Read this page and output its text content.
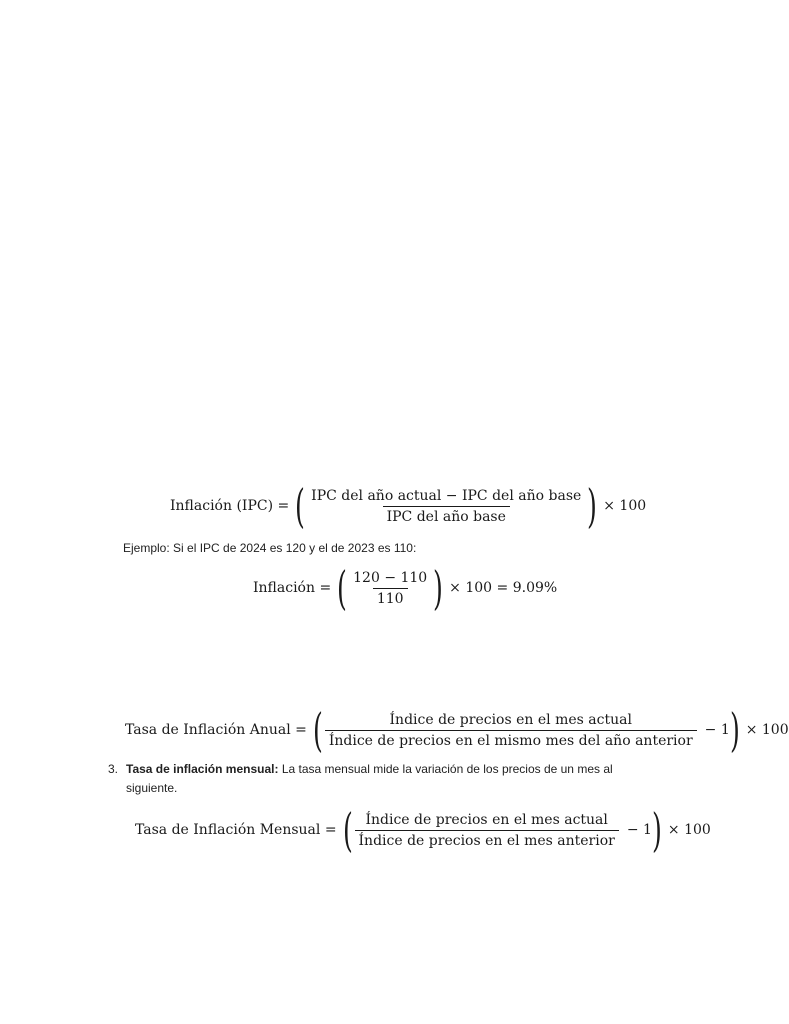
Inflación (IPC) = ( $\frac{\text{IPC del año actual − IPC del año base}}{\text{IPC del año base}}$ ) × 100
Ejemplo: Si el IPC de 2024 es 120 y el de 2023 es 110:
Inflación = ( $\frac{120 - 110}{110}$ ) × 100 = 9.09%
Tasa de Inflación Anual = ( $\frac{\text{Índice de precios en el mes actual}}{\text{Índice de precios en el mismo mes del año anterior}} - 1$ ) × 100
3. Tasa de inflación mensual: La tasa mensual mide la variación de los precios de un mes al
siguiente.
Tasa de Inflación Mensual = ( $\frac{\text{Índice de precios en el mes actual}}{\text{Índice de precios en el mes anterior}} - 1$ ) × 100
